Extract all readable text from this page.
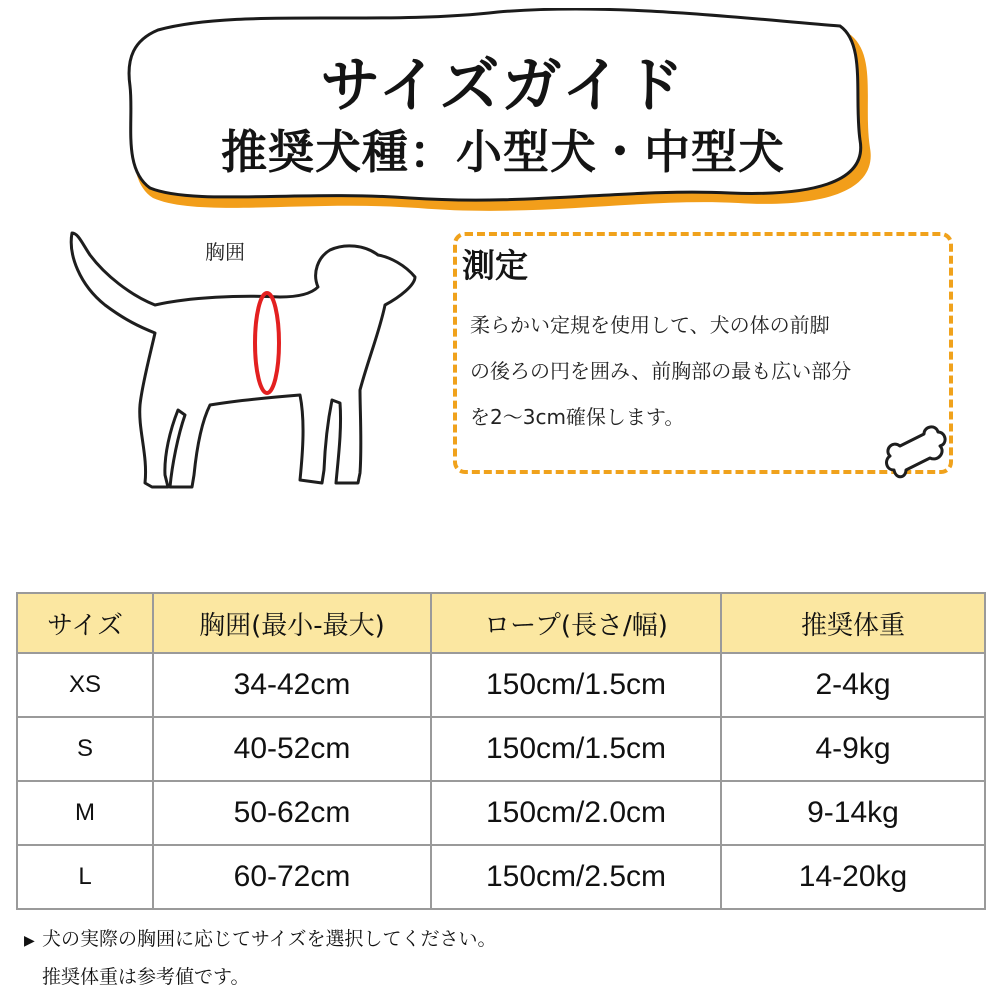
サイズガイド
推奨犬種：小型犬・中型犬
胸囲	測定
柔らかい定規を使用して、犬の体の前脚
の後ろの円を囲み、前胸部の最も広い部分
を2～3cm確保します。
サイズ	胸囲(最小-最大)	ロープ(長さ/幅)	推奨体重
XS	34-42cm	150cm/1.5cm	2-4kg
S	40-52cm	150cm/1.5cm	4-9kg
M	50-62cm	150cm/2.0cm	9-14kg
L	60-72cm	150cm/2.5cm	14-20kg
▶ 犬の実際の胸囲に応じてサイズを選択してください。
推奨体重は参考値です。
